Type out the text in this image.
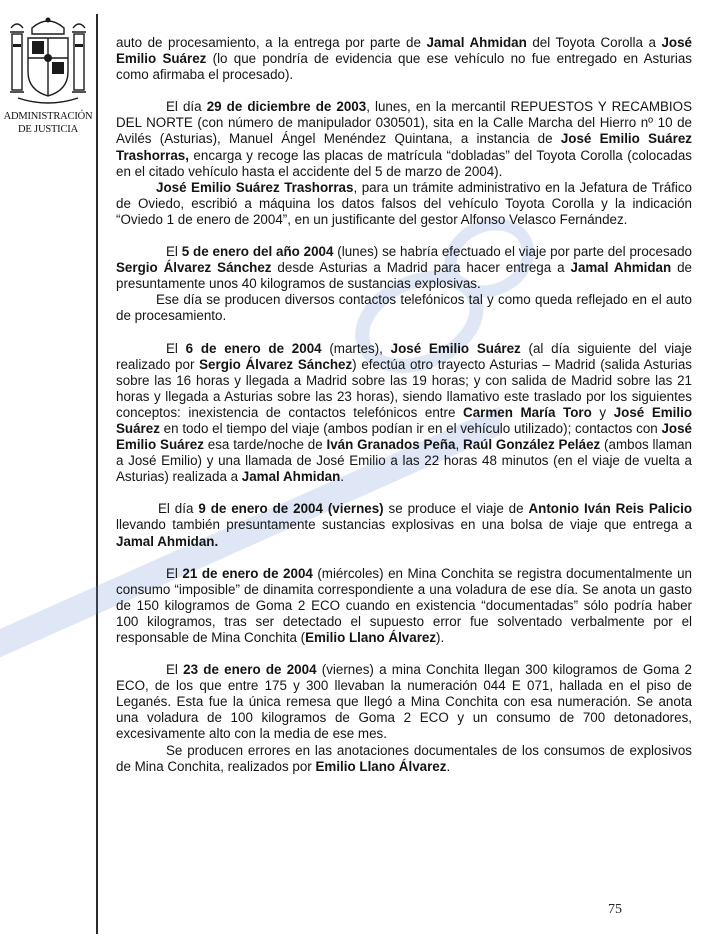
ADMINISTRACIÓN
DE JUSTICIA

auto de procesamiento, a la entrega por parte de Jamal Ahmidan del Toyota Corolla a José Emilio Suárez (lo que pondría de evidencia que ese vehículo no fue entregado en Asturias como afirmaba el procesado).

El día 29 de diciembre de 2003, lunes, en la mercantil REPUESTOS Y RECAMBIOS DEL NORTE (con número de manipulador 030501), sita en la Calle Marcha del Hierro nº 10 de Avilés (Asturias), Manuel Ángel Menéndez Quintana, a instancia de José Emilio Suárez Trashorras, encarga y recoge las placas de matrícula “dobladas” del Toyota Corolla (colocadas en el citado vehículo hasta el accidente del 5 de marzo de 2004).

José Emilio Suárez Trashorras, para un trámite administrativo en la Jefatura de Tráfico de Oviedo, escribió a máquina los datos falsos del vehículo Toyota Corolla y la indicación “Oviedo 1 de enero de 2004”, en un justificante del gestor Alfonso Velasco Fernández.

El 5 de enero del año 2004 (lunes) se habría efectuado el viaje por parte del procesado Sergio Álvarez Sánchez desde Asturias a Madrid para hacer entrega a Jamal Ahmidan de presuntamente unos 40 kilogramos de sustancias explosivas.

Ese día se producen diversos contactos telefónicos tal y como queda reflejado en el auto de procesamiento.

El 6 de enero de 2004 (martes), José Emilio Suárez (al día siguiente del viaje realizado por Sergio Álvarez Sánchez) efectúa otro trayecto Asturias – Madrid (salida Asturias sobre las 16 horas y llegada a Madrid sobre las 19 horas; y con salida de Madrid sobre las 21 horas y llegada a Asturias sobre las 23 horas), siendo llamativo este traslado por los siguientes conceptos: inexistencia de contactos telefónicos entre Carmen María Toro y José Emilio Suárez en todo el tiempo del viaje (ambos podían ir en el vehículo utilizado); contactos con José Emilio Suárez esa tarde/noche de Iván Granados Peña, Raúl González Peláez (ambos llaman a José Emilio) y una llamada de José Emilio a las 22 horas 48 minutos (en el viaje de vuelta a Asturias) realizada a Jamal Ahmidan.

El día 9 de enero de 2004 (viernes) se produce el viaje de Antonio Iván Reis Palicio llevando también presuntamente sustancias explosivas en una bolsa de viaje que entrega a Jamal Ahmidan.

El 21 de enero de 2004 (miércoles) en Mina Conchita se registra documentalmente un consumo “imposible” de dinamita correspondiente a una voladura de ese día. Se anota un gasto de 150 kilogramos de Goma 2 ECO cuando en existencia “documentadas” sólo podría haber 100 kilogramos, tras ser detectado el supuesto error fue solventado verbalmente por el responsable de Mina Conchita (Emilio Llano Álvarez).

El 23 de enero de 2004 (viernes) a mina Conchita llegan 300 kilogramos de Goma 2 ECO, de los que entre 175 y 300 llevaban la numeración 044 E 071, hallada en el piso de Leganés. Esta fue la única remesa que llegó a Mina Conchita con esa numeración. Se anota una voladura de 100 kilogramos de Goma 2 ECO y un consumo de 700 detonadores, excesivamente alto con la media de ese mes.

Se producen errores en las anotaciones documentales de los consumos de explosivos de Mina Conchita, realizados por Emilio Llano Álvarez.

75
